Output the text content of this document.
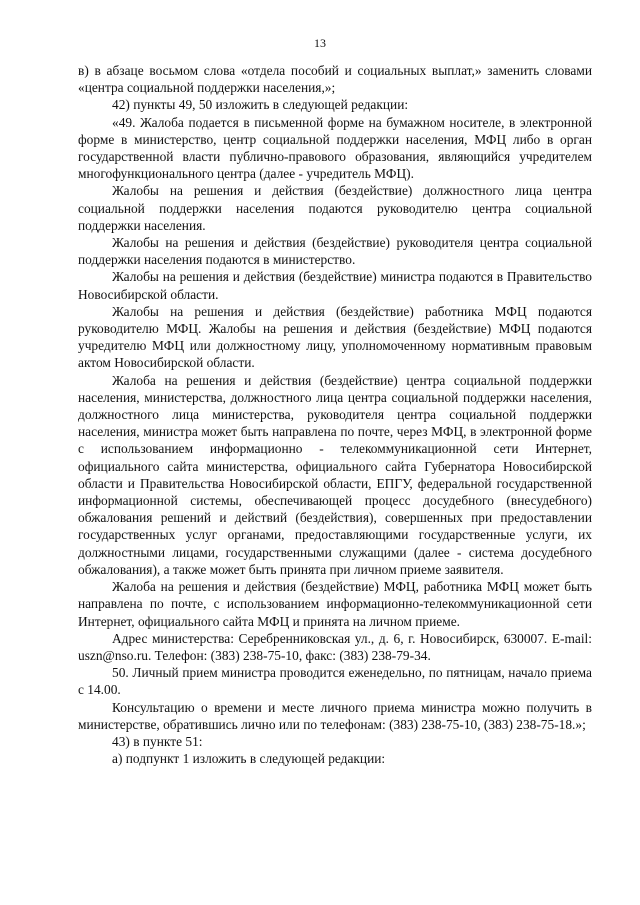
13

в) в абзаце восьмом слова «отдела пособий и социальных выплат,» заменить словами «центра социальной поддержки населения,»;

42) пункты 49, 50 изложить в следующей редакции:

«49. Жалоба подается в письменной форме на бумажном носителе, в электронной форме в министерство, центр социальной поддержки населения, МФЦ либо в орган государственной власти публично-правового образования, являющийся учредителем многофункционального центра (далее - учредитель МФЦ).

Жалобы на решения и действия (бездействие) должностного лица центра социальной поддержки населения подаются руководителю центра социальной поддержки населения.

Жалобы на решения и действия (бездействие) руководителя центра социальной поддержки населения подаются в министерство.

Жалобы на решения и действия (бездействие) министра подаются в Правительство Новосибирской области.

Жалобы на решения и действия (бездействие) работника МФЦ подаются руководителю МФЦ. Жалобы на решения и действия (бездействие) МФЦ подаются учредителю МФЦ или должностному лицу, уполномоченному нормативным правовым актом Новосибирской области.

Жалоба на решения и действия (бездействие) центра социальной поддержки населения, министерства, должностного лица центра социальной поддержки населения, должностного лица министерства, руководителя центра социальной поддержки населения, министра может быть направлена по почте, через МФЦ, в электронной форме с использованием информационно - телекоммуникационной сети Интернет, официального сайта министерства, официального сайта Губернатора Новосибирской области и Правительства Новосибирской области, ЕПГУ, федеральной государственной информационной системы, обеспечивающей процесс досудебного (внесудебного) обжалования решений и действий (бездействия), совершенных при предоставлении государственных услуг органами, предоставляющими государственные услуги, их должностными лицами, государственными служащими (далее - система досудебного обжалования), а также может быть принята при личном приеме заявителя.

Жалоба на решения и действия (бездействие) МФЦ, работника МФЦ может быть направлена по почте, с использованием информационно-телекоммуникационной сети Интернет, официального сайта МФЦ и принята на личном приеме.

Адрес министерства: Серебренниковская ул., д. 6, г. Новосибирск, 630007. E-mail: uszn@nso.ru. Телефон: (383) 238-75-10, факс: (383) 238-79-34.

50. Личный прием министра проводится еженедельно, по пятницам, начало приема с 14.00.

Консультацию о времени и месте личного приема министра можно получить в министерстве, обратившись лично или по телефонам: (383) 238-75-10, (383) 238-75-18.»;

43) в пункте 51:

а) подпункт 1 изложить в следующей редакции:
